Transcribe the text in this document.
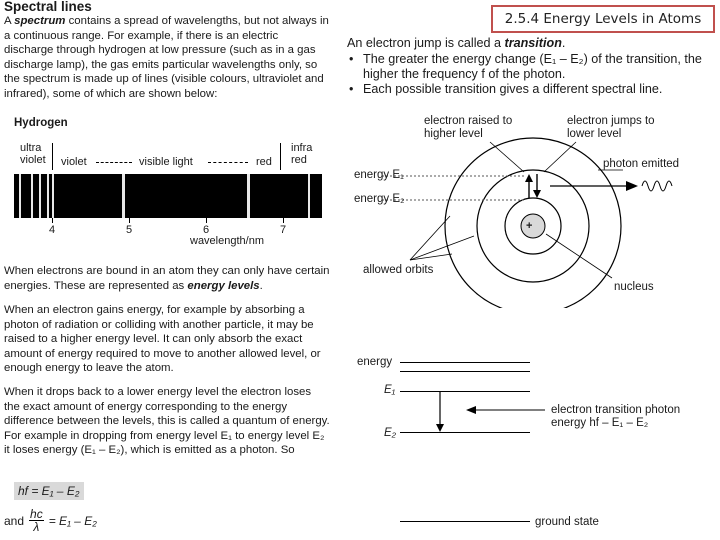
2.5.4 Energy Levels in Atoms
Spectral lines
A spectrum contains a spread of wavelengths, but not always in a continuous range. For example, if there is an electric discharge through hydrogen at low pressure (such as in a gas discharge lamp), the gas emits particular wavelengths only, so the spectrum is made up of lines (visible colours, ultraviolet and infrared), some of which are shown below:
Hydrogen
ultra
violet violet	visible light	red
infra
red
4	5	6	7
wavelength/nm
When electrons are bound in an atom they can only have certain energies. These are represented as energy levels.
When an electron gains energy, for example by absorbing a photon of radiation or colliding with another particle, it may be raised to a higher energy level. It can only absorb the exact amount of energy required to move to another allowed level, or enough energy to leave the atom.
When it drops back to a lower energy level the electron loses the exact amount of energy corresponding to the energy difference between the levels, this is called a quantum of energy. For example in dropping from energy level E₁ to energy level E₂ it loses energy (E₁ – E₂), which is emitted as a photon. So
hf = E₁ – E₂
and $\frac{hc}{\lambda} = E_1 - E_2$
An electron jump is called a transition.
• The greater the energy change (E₁ – E₂) of the transition, the higher the frequency f of the photon.
• Each possible transition gives a different spectral line.
electron raised to higher level
electron jumps to lower level
photon emitted
energy E₁
energy E₂
+
allowed orbits
nucleus
energy
E₁
E₂
electron transition photon
energy hf – E₁ – E₂
ground state
